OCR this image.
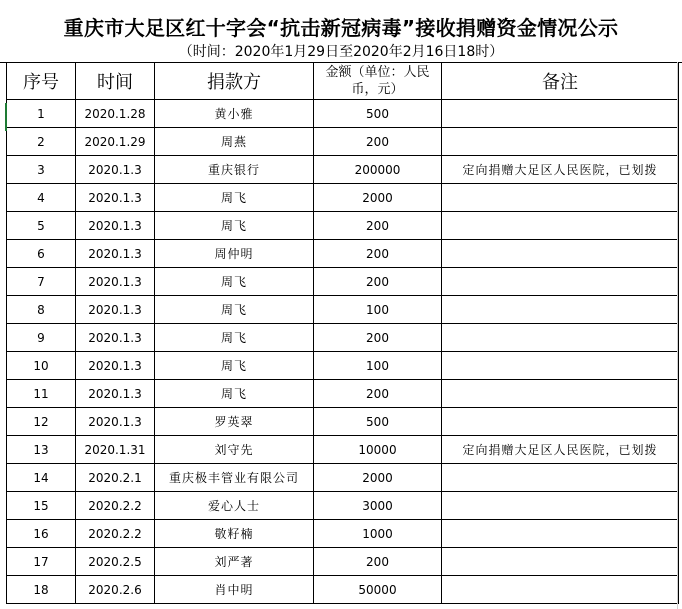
重庆市大足区红十字会“抗击新冠病毒”接收捐赠资金情况公示
（时间：2020年1月29日至2020年2月16日18时）
序号	时间	捐款方	金额（单位：人民币，元）	备注
1	2020.1.28	黄小雅	500	
2	2020.1.29	周燕	200	
3	2020.1.3	重庆银行	200000	定向捐赠大足区人民医院，已划拨
4	2020.1.3	周飞	2000	
5	2020.1.3	周飞	200	
6	2020.1.3	周仲明	200	
7	2020.1.3	周飞	200	
8	2020.1.3	周飞	100	
9	2020.1.3	周飞	200	
10	2020.1.3	周飞	100	
11	2020.1.3	周飞	200	
12	2020.1.3	罗英翠	500	
13	2020.1.31	刘守先	10000	定向捐赠大足区人民医院，已划拨
14	2020.2.1	重庆极丰管业有限公司	2000	
15	2020.2.2	爱心人士	3000	
16	2020.2.2	敬籽楠	1000	
17	2020.2.5	刘严著	200	
18	2020.2.6	肖中明	50000	
